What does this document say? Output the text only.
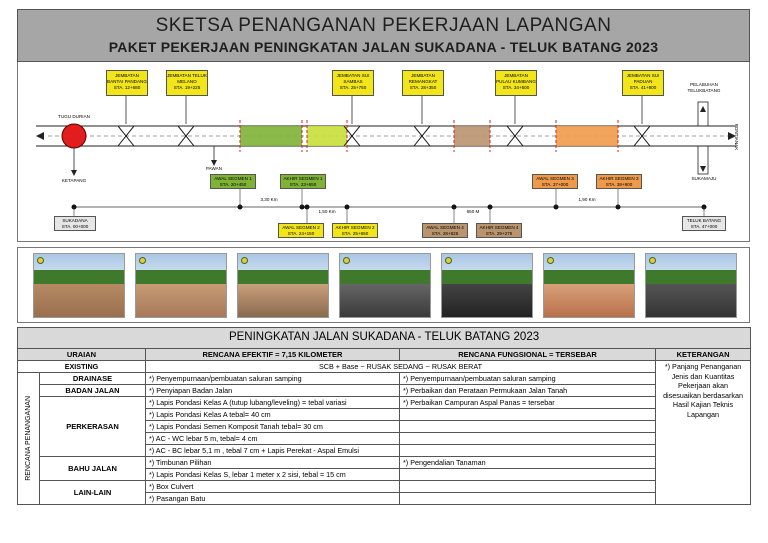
SKETSA PENANGANAN PEKERJAAN LAPANGAN
PAKET PEKERJAAN PENINGKATAN JALAN SUKADANA - TELUK BATANG 2023
JEMBATAN BANTAI PANDANG
STA. 12+680
JEMBATAN TELUK MELANO
STA. 19+225
JEMBATAN SUI SAMBAS
STA. 25+750
JEMBATAN REMANGKAT
STA. 28+350
JEMBATAN PULAU KUMBANG
STA. 34+500
JEMBATAN SUI PADUAN
STA. 41+800
TUGU DURIAN
KETAPANG
PAWAN
PELABUHAN TELUKBATANG
SUKAMAJU
PONTIANAK
AWAL SEGMEN 1
STA. 20+450
AKHIR SEGMEN 1
STA. 23+650
AWAL SEGMEN 3
STA. 37+000
AKHIR SEGMEN 3
STA. 38+900
AWAL SEGMEN 2
STA. 24+150
AKHIR SEGMEN 2
STA. 25+650
AWAL SEGMEN 4
STA. 28+625
AKHIR SEGMEN 4
STA. 29+275
3,30 Km
1,50 Km	650 M
1,90 Km
SUKADANA
STA. 00+000
TELUK BATANG
STA. 47+000
PENINGKATAN JALAN SUKADANA - TELUK BATANG 2023				
URAIAN		RENCANA EFEKTIF = 7,15 KILOMETER	RENCANA FUNGSIONAL = TERSEBAR	KETERANGAN
EXISTING		SCB + Base ~ RUSAK SEDANG ~ RUSAK BERAT		*) Panjang Penanganan Jenis dan Kuantitas Pekerjaan akan disesuaikan berdasarkan Hasil Kajian Teknis Lapangan

RENCANA PENANGANAN	DRAINASE	*) Penyempurnaan/pembuatan saluran samping	*) Penyempurnaan/pembuatan saluran samping	
	BADAN JALAN	*) Penyiapan Badan Jalan	*) Perbaikan dan Perataan Permukaan Jalan Tanah	
	PERKERASAN	*) Lapis Pondasi Kelas A (tutup lubang/leveling) = tebal variasi	*) Perbaikan Campuran Aspal Panas = tersebar	
		*) Lapis Pondasi Kelas A tebal= 40 cm		
		*) Lapis Pondasi Semen Komposit Tanah tebal= 30 cm		
		*) AC - WC lebar 5 m, tebal= 4 cm		
		*) AC - BC lebar 5,1 m , tebal 7 cm + Lapis Perekat - Aspal Emulsi		
	BAHU JALAN	*) Timbunan Pilihan	*) Pengendalian Tanaman	
		*) Lapis Pondasi Kelas S, lebar 1 meter x 2 sisi, tebal = 15 cm		
	LAIN-LAIN	*) Box Culvert		
		*) Pasangan Batu		
